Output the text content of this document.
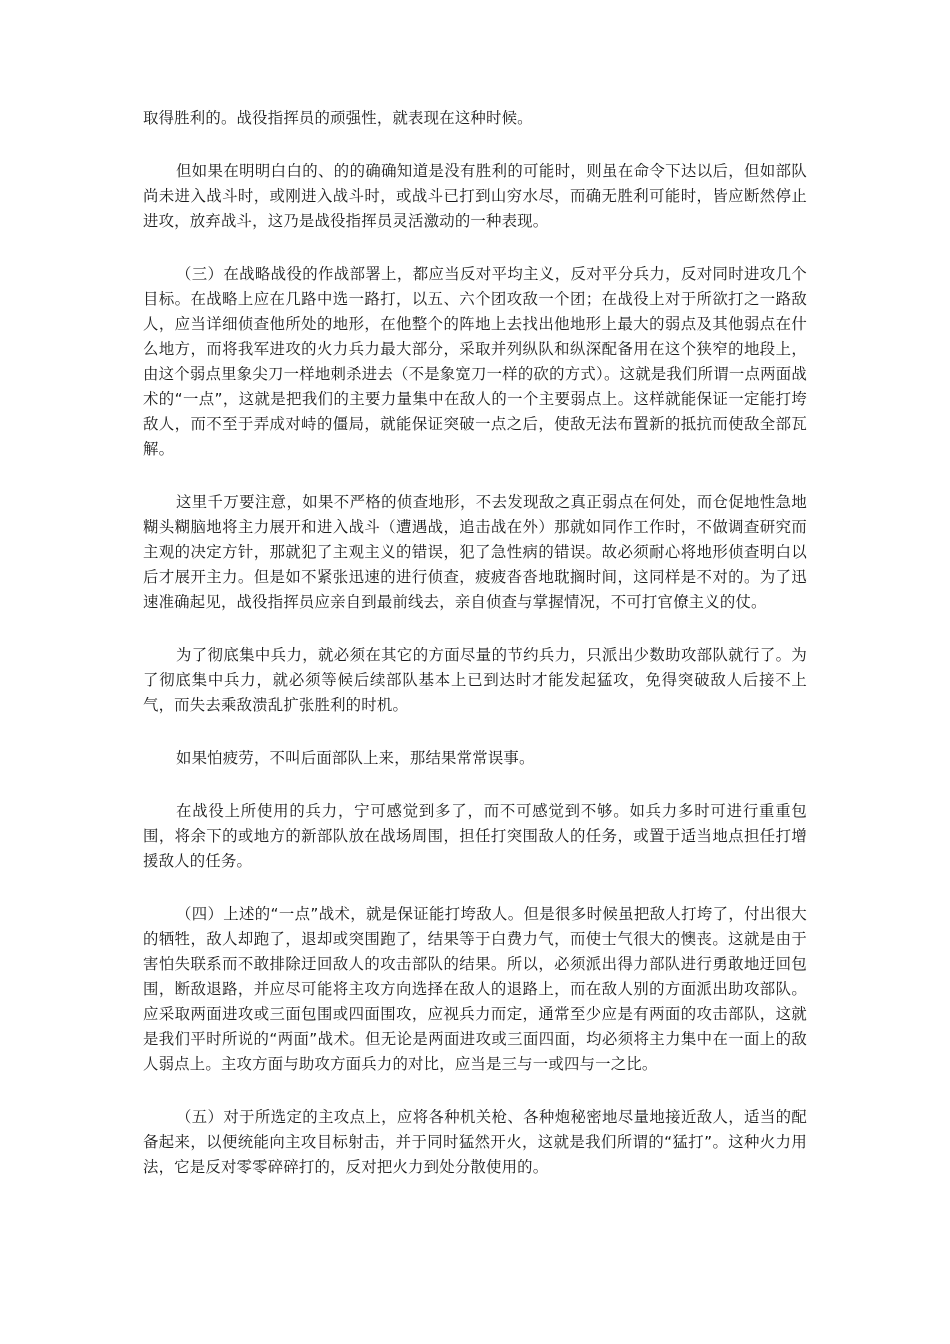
取得胜利的。战役指挥员的顽强性，就表现在这种时候。

但如果在明明白白的、的的确确知道是没有胜利的可能时，则虽在命令下达以后，但如部队尚未进入战斗时，或刚进入战斗时，或战斗已打到山穷水尽，而确无胜利可能时，皆应断然停止进攻，放弃战斗，这乃是战役指挥员灵活激动的一种表现。

（三）在战略战役的作战部署上，都应当反对平均主义，反对平分兵力，反对同时进攻几个目标。在战略上应在几路中选一路打，以五、六个团攻敌一个团；在战役上对于所欲打之一路敌人，应当详细侦查他所处的地形，在他整个的阵地上去找出他地形上最大的弱点及其他弱点在什么地方，而将我军进攻的火力兵力最大部分，采取并列纵队和纵深配备用在这个狭窄的地段上，由这个弱点里象尖刀一样地刺杀进去（不是象宽刀一样的砍的方式）。这就是我们所谓一点两面战术的“一点”，这就是把我们的主要力量集中在敌人的一个主要弱点上。这样就能保证一定能打垮敌人，而不至于弄成对峙的僵局，就能保证突破一点之后，使敌无法布置新的抵抗而使敌全部瓦解。

这里千万要注意，如果不严格的侦查地形，不去发现敌之真正弱点在何处，而仓促地性急地糊头糊脑地将主力展开和进入战斗（遭遇战，追击战在外）那就如同作工作时，不做调查研究而主观的决定方针，那就犯了主观主义的错误，犯了急性病的错误。故必须耐心将地形侦查明白以后才展开主力。但是如不紧张迅速的进行侦查，疲疲沓沓地耽搁时间，这同样是不对的。为了迅速准确起见，战役指挥员应亲自到最前线去，亲自侦查与掌握情况，不可打官僚主义的仗。

为了彻底集中兵力，就必须在其它的方面尽量的节约兵力，只派出少数助攻部队就行了。为了彻底集中兵力，就必须等候后续部队基本上已到达时才能发起猛攻，免得突破敌人后接不上气，而失去乘敌溃乱扩张胜利的时机。

如果怕疲劳，不叫后面部队上来，那结果常常误事。

在战役上所使用的兵力，宁可感觉到多了，而不可感觉到不够。如兵力多时可进行重重包围，将余下的或地方的新部队放在战场周围，担任打突围敌人的任务，或置于适当地点担任打增援敌人的任务。

（四）上述的“一点”战术，就是保证能打垮敌人。但是很多时候虽把敌人打垮了，付出很大的牺牲，敌人却跑了，退却或突围跑了，结果等于白费力气，而使士气很大的懊丧。这就是由于害怕失联系而不敢排除迂回敌人的攻击部队的结果。所以，必须派出得力部队进行勇敢地迂回包围，断敌退路，并应尽可能将主攻方向选择在敌人的退路上，而在敌人别的方面派出助攻部队。应采取两面进攻或三面包围或四面围攻，应视兵力而定，通常至少应是有两面的攻击部队，这就是我们平时所说的“两面”战术。但无论是两面进攻或三面四面，均必须将主力集中在一面上的敌人弱点上。主攻方面与助攻方面兵力的对比，应当是三与一或四与一之比。

（五）对于所选定的主攻点上，应将各种机关枪、各种炮秘密地尽量地接近敌人，适当的配备起来，以便统能向主攻目标射击，并于同时猛然开火，这就是我们所谓的“猛打”。这种火力用法，它是反对零零碎碎打的，反对把火力到处分散使用的。
